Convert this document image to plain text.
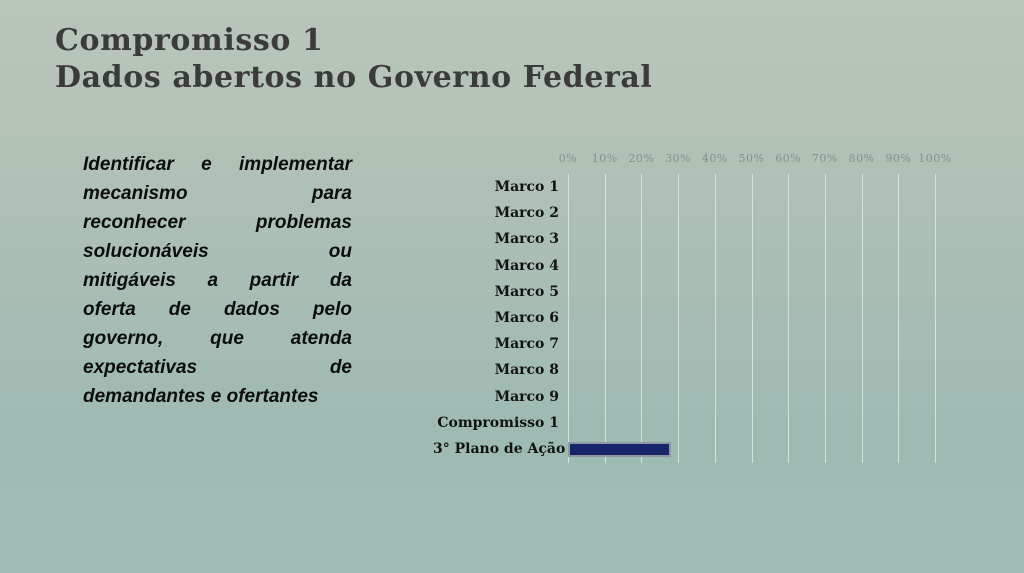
Compromisso 1
Dados abertos no Governo Federal
Identificar e implementar
mecanismo para
reconhecer problemas
solucionáveis ou
mitigáveis a partir da
oferta de dados pelo
governo, que atenda
expectativas de
demandantes e ofertantes
0% 10% 20% 30% 40% 50% 60% 70% 80% 90% 100%
Marco 1
Marco 2
Marco 3
Marco 4
Marco 5
Marco 6
Marco 7
Marco 8
Marco 9
Compromisso 1
3° Plano de Ação
